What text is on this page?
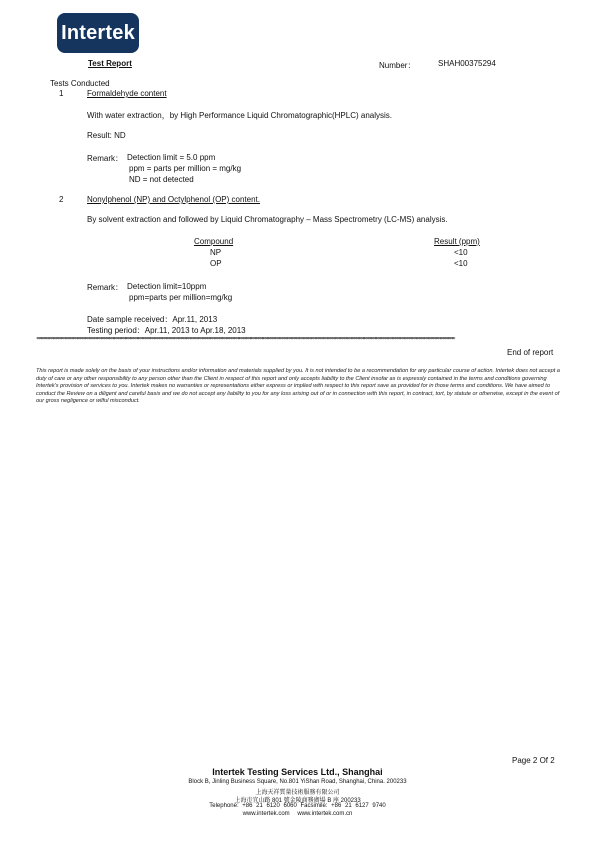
Intertek
Test Report	Number：	SHAH00375294
Tests Conducted
1	Formaldehyde content
With water extraction，by High Performance Liquid Chromatographic(HPLC) analysis.
Result: ND
Remark： Detection limit = 5.0 ppm
ppm = parts per million = mg/kg
ND = not detected
2	Nonylphenol (NP) and Octylphenol (OP) content.
By solvent extraction and followed by Liquid Chromatography – Mass Spectrometry (LC-MS) analysis.
Compound	Result (ppm)
NP	<10
OP	<10
Remark： Detection limit=10ppm
ppm=parts per million=mg/kg
Date sample received：Apr.11, 2013
Testing period：Apr.11, 2013 to Apr.18, 2013
****************************************************************************************************************************************************************************************************************************************************
End of report
This report is made solely on the basis of your instructions and/or information and materials supplied by you. It is not intended to be a recommendation for any particular course of action. Intertek does not accept a duty of care or any other responsibility to any person other than the Client in respect of this report and only accepts liability to the Client insofar as is expressly contained in the terms and conditions governing Intertek's provision of services to you. Intertek makes no warranties or representations either express or implied with respect to this report save as provided for in those terms and conditions. We have aimed to conduct the Review on a diligent and careful basis and we do not accept any liability to you for any loss arising out of or in connection with this report, in contract, tort, by statute or otherwise, except in the event of our gross negligence or wilful misconduct.
Page 2 Of 2
Intertek Testing Services Ltd., Shanghai
Block B, Jinling Business Square, No.801 YiShan Road, Shanghai, China. 200233
上海天祥質量技術服務有限公司
上海市宜山路 801 號金陵商務廣場 B 座 200233
Telephone: +86 21 6120 6060 Facsimile: +86 21 6127 9740
www.intertek.com www.intertek.com.cn
